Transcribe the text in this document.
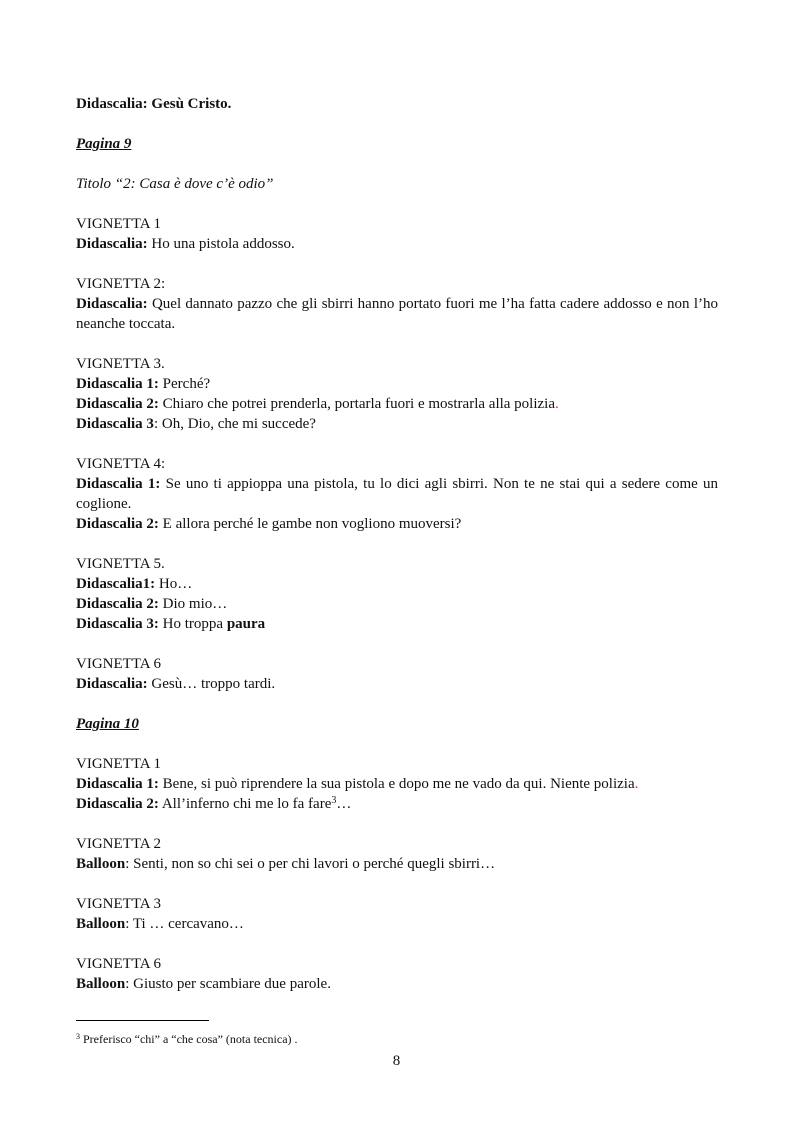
Didascalia: Gesù Cristo.

Pagina 9

Titolo “2: Casa è dove c’è odio”

VIGNETTA 1

Didascalia: Ho una pistola addosso.

VIGNETTA 2:

Didascalia: Quel dannato pazzo che gli sbirri hanno portato fuori me l’ha fatta cadere addosso e non l’ho neanche toccata.

VIGNETTA 3.

Didascalia 1: Perché?

Didascalia 2: Chiaro che potrei prenderla, portarla fuori e mostrarla alla polizia.

Didascalia 3: Oh, Dio, che mi succede?

VIGNETTA 4:

Didascalia 1: Se uno ti appioppa una pistola, tu lo dici agli sbirri. Non te ne stai qui a sedere come un coglione.

Didascalia 2: E allora perché le gambe non vogliono muoversi?

VIGNETTA 5.

Didascalia1: Ho…

Didascalia 2: Dio mio…

Didascalia 3: Ho troppa paura

VIGNETTA 6

Didascalia: Gesù… troppo tardi.

Pagina 10

VIGNETTA 1

Didascalia 1: Bene, si può riprendere la sua pistola e dopo me ne vado da qui. Niente polizia.

Didascalia 2: All’inferno chi me lo fa fare$^3$…

VIGNETTA 2

Balloon: Senti, non so chi sei o per chi lavori o perché quegli sbirri…

VIGNETTA 3

Balloon: Ti … cercavano…

VIGNETTA 6

Balloon: Giusto per scambiare due parole.

$^3$ Preferisco “chi” a “che cosa” (nota tecnica) .
8
